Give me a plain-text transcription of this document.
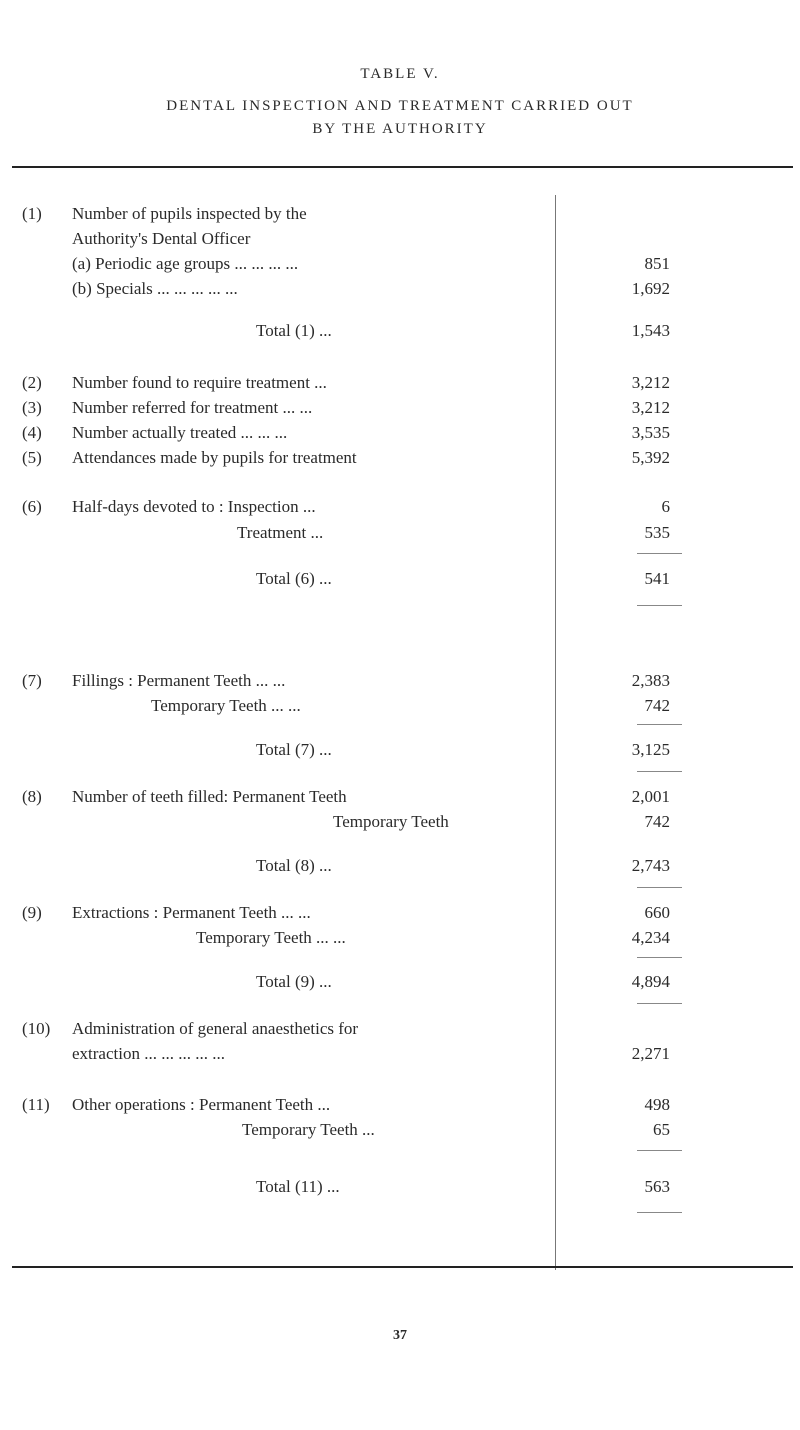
TABLE V.
DENTAL INSPECTION AND TREATMENT CARRIED OUT
BY THE AUTHORITY
(1)	Number of pupils inspected by the
Authority's Dental Officer
(a) Periodic age groups ... ... ... ...	851
(b) Specials ... ... ... ... ...	1,692
Total (1) ...	1,543
(2)	Number found to require treatment ...	3,212
(3)	Number referred for treatment ... ...	3,212
(4)	Number actually treated ... ... ...	3,535
(5)	Attendances made by pupils for treatment	5,392
(6)	Half-days devoted to : Inspection ...	6
Treatment ...	535
Total (6) ...	541
(7)	Fillings : Permanent Teeth ... ...	2,383
Temporary Teeth ... ...	742
Total (7) ...	3,125
(8)	Number of teeth filled: Permanent Teeth	2,001
Temporary Teeth	742
Total (8) ...	2,743
(9)	Extractions : Permanent Teeth ... ...	660
Temporary Teeth ... ...	4,234
Total (9) ...	4,894
(10)	Administration of general anaesthetics for
extraction ... ... ... ... ...	2,271
(11)	Other operations : Permanent Teeth ...	498
Temporary Teeth ...	65
Total (11) ...	563
37
